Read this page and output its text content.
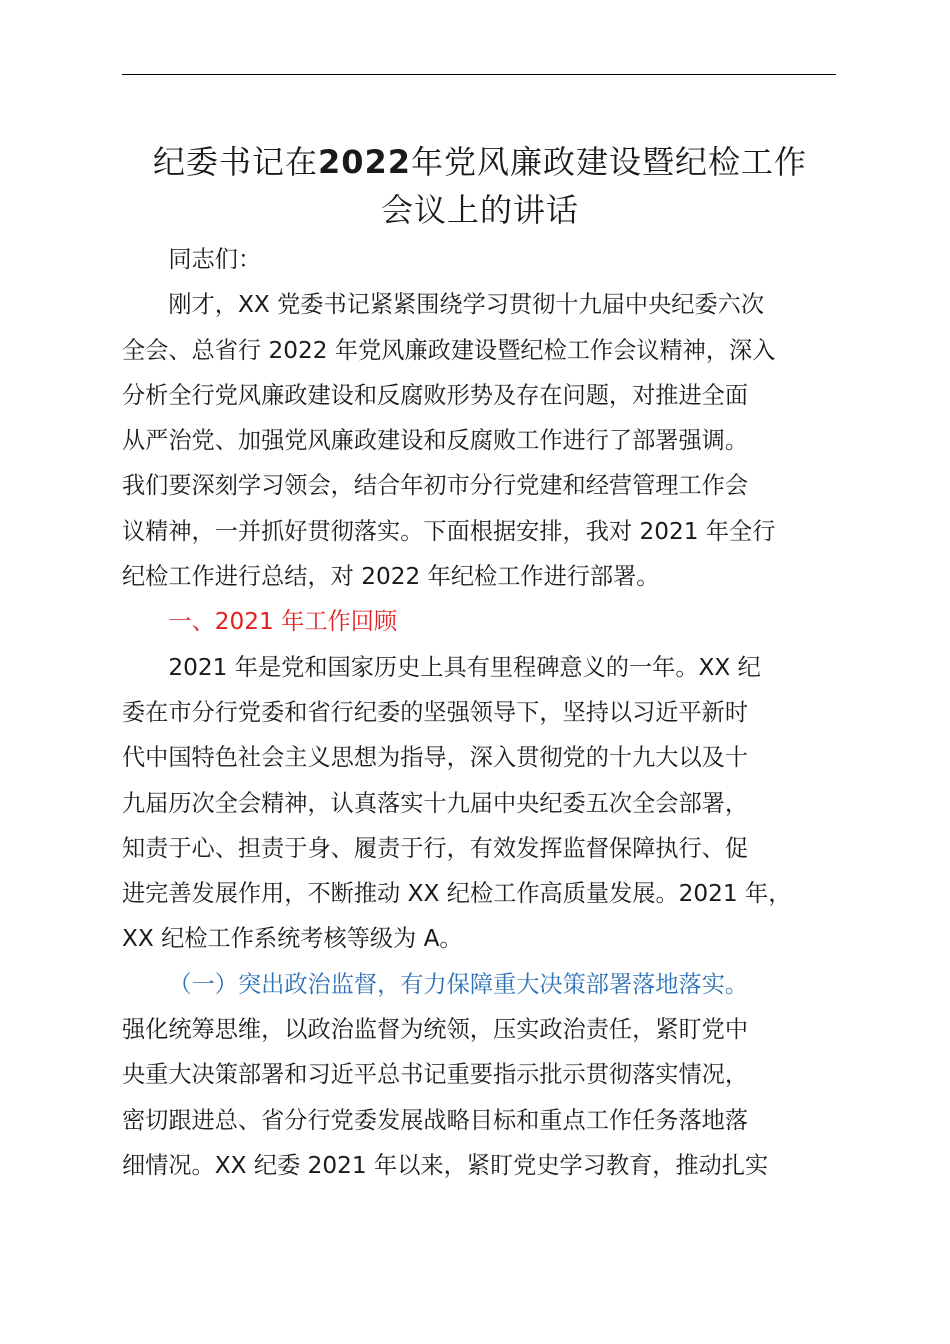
纪委书记在2022年党风廉政建设暨纪检工作
会议上的讲话
同志们：
刚才，XX 党委书记紧紧围绕学习贯彻十九届中央纪委六次
全会、总省行 2022 年党风廉政建设暨纪检工作会议精神，深入
分析全行党风廉政建设和反腐败形势及存在问题，对推进全面
从严治党、加强党风廉政建设和反腐败工作进行了部署强调。
我们要深刻学习领会，结合年初市分行党建和经营管理工作会
议精神，一并抓好贯彻落实。下面根据安排，我对 2021 年全行
纪检工作进行总结，对 2022 年纪检工作进行部署。
一、2021 年工作回顾
2021 年是党和国家历史上具有里程碑意义的一年。XX 纪
委在市分行党委和省行纪委的坚强领导下，坚持以习近平新时
代中国特色社会主义思想为指导，深入贯彻党的十九大以及十
九届历次全会精神，认真落实十九届中央纪委五次全会部署，
知责于心、担责于身、履责于行，有效发挥监督保障执行、促
进完善发展作用，不断推动 XX 纪检工作高质量发展。2021 年，
XX 纪检工作系统考核等级为 A。
（一）突出政治监督，有力保障重大决策部署落地落实。
强化统筹思维，以政治监督为统领，压实政治责任，紧盯党中
央重大决策部署和习近平总书记重要指示批示贯彻落实情况，
密切跟进总、省分行党委发展战略目标和重点工作任务落地落
细情况。XX 纪委 2021 年以来，紧盯党史学习教育，推动扎实
